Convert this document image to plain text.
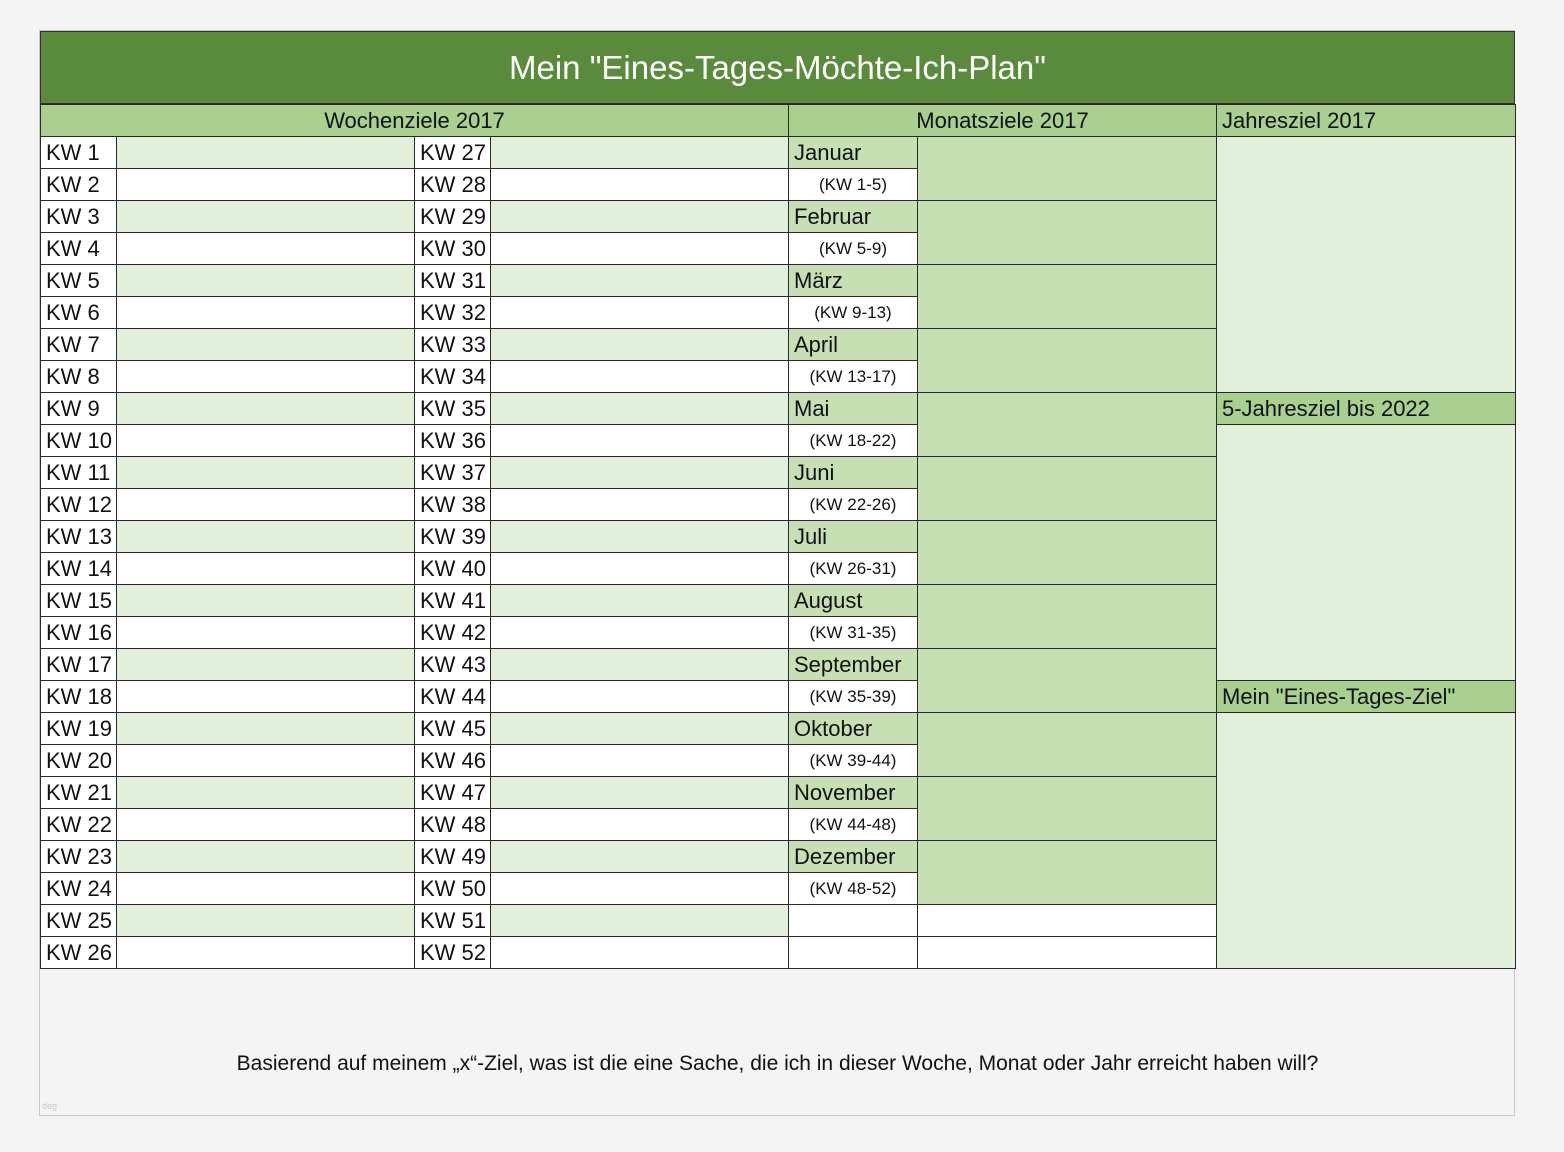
Mein "Eines-Tages-Möchte-Ich-Plan"
Wochenziele 2017				Monatsziele 2017		Jahresziel 2017
KW 1		KW 27		Januar		
KW 2		KW 28		(KW 1-5)		
KW 3		KW 29		Februar		
KW 4		KW 30		(KW 5-9)		
KW 5		KW 31		März		
KW 6		KW 32		(KW 9-13)		
KW 7		KW 33		April		
KW 8		KW 34		(KW 13-17)		
KW 9		KW 35		Mai		5-Jahresziel bis 2022
KW 10		KW 36		(KW 18-22)		
KW 11		KW 37		Juni		
KW 12		KW 38		(KW 22-26)		
KW 13		KW 39		Juli		
KW 14		KW 40		(KW 26-31)		
KW 15		KW 41		August		
KW 16		KW 42		(KW 31-35)		
KW 17		KW 43		September		
KW 18		KW 44		(KW 35-39)		Mein "Eines-Tages-Ziel"
KW 19		KW 45		Oktober		
KW 20		KW 46		(KW 39-44)		
KW 21		KW 47		November		
KW 22		KW 48		(KW 44-48)		
KW 23		KW 49		Dezember		
KW 24		KW 50		(KW 48-52)		
KW 25		KW 51				
KW 26		KW 52				
Basierend auf meinem „x“-Ziel, was ist die eine Sache, die ich in dieser Woche, Monat oder Jahr erreicht haben will?
deg
